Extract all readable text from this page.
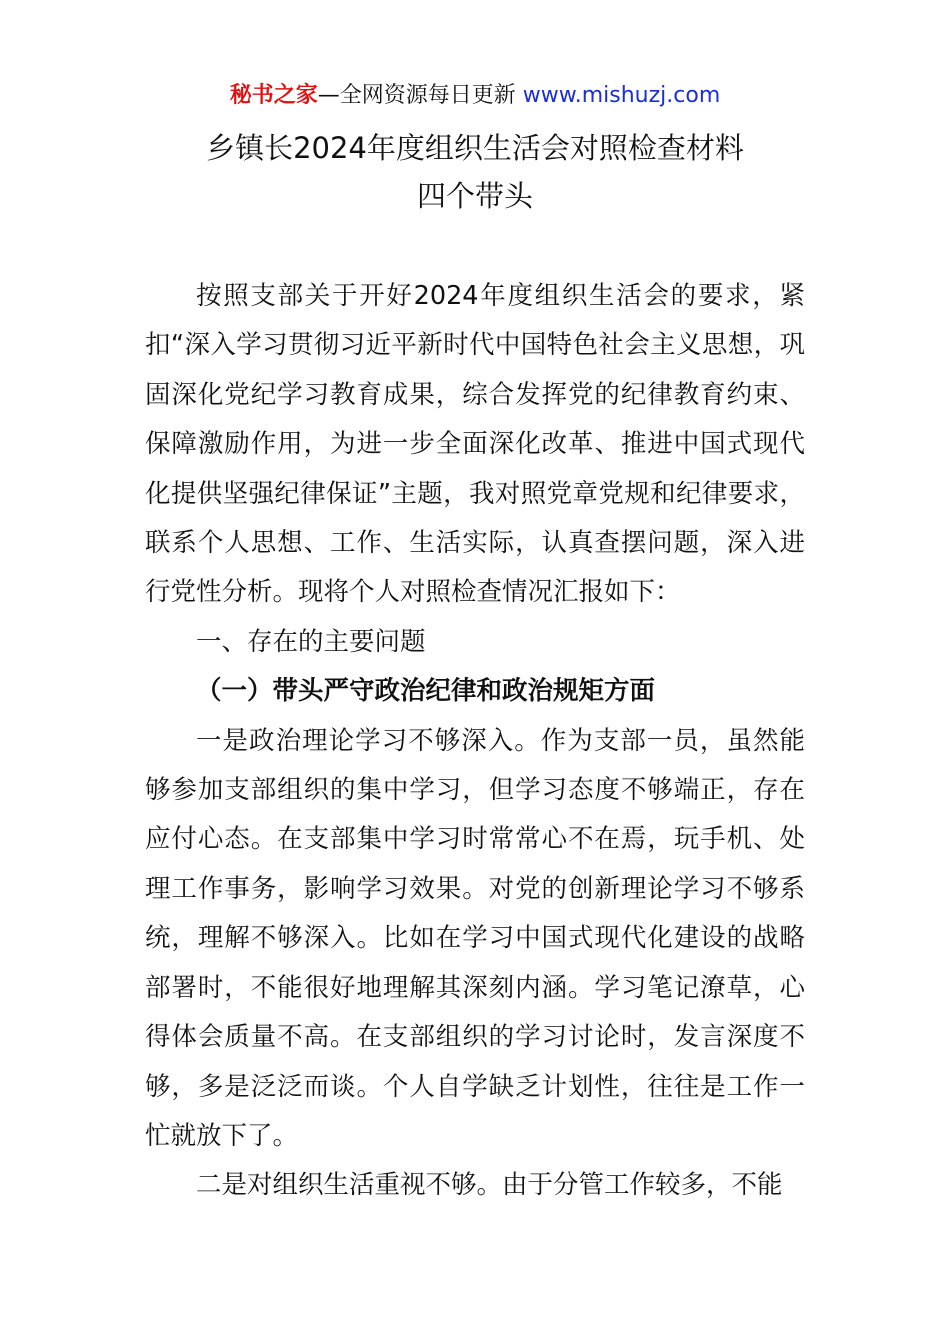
秘书之家—全网资源每日更新 www.mishuzj.com
乡镇长2024年度组织生活会对照检查材料
四个带头

按照支部关于开好2024年度组织生活会的要求，紧扣“深入学习贯彻习近平新时代中国特色社会主义思想，巩固深化党纪学习教育成果，综合发挥党的纪律教育约束、保障激励作用，为进一步全面深化改革、推进中国式现代化提供坚强纪律保证”主题，我对照党章党规和纪律要求，联系个人思想、工作、生活实际，认真查摆问题，深入进行党性分析。现将个人对照检查情况汇报如下：

一、存在的主要问题

（一）带头严守政治纪律和政治规矩方面

一是政治理论学习不够深入。作为支部一员，虽然能够参加支部组织的集中学习，但学习态度不够端正，存在应付心态。在支部集中学习时常常心不在焉，玩手机、处理工作事务，影响学习效果。对党的创新理论学习不够系统，理解不够深入。比如在学习中国式现代化建设的战略部署时，不能很好地理解其深刻内涵。学习笔记潦草，心得体会质量不高。在支部组织的学习讨论时，发言深度不够，多是泛泛而谈。个人自学缺乏计划性，往往是工作一忙就放下了。

二是对组织生活重视不够。由于分管工作较多，不能
